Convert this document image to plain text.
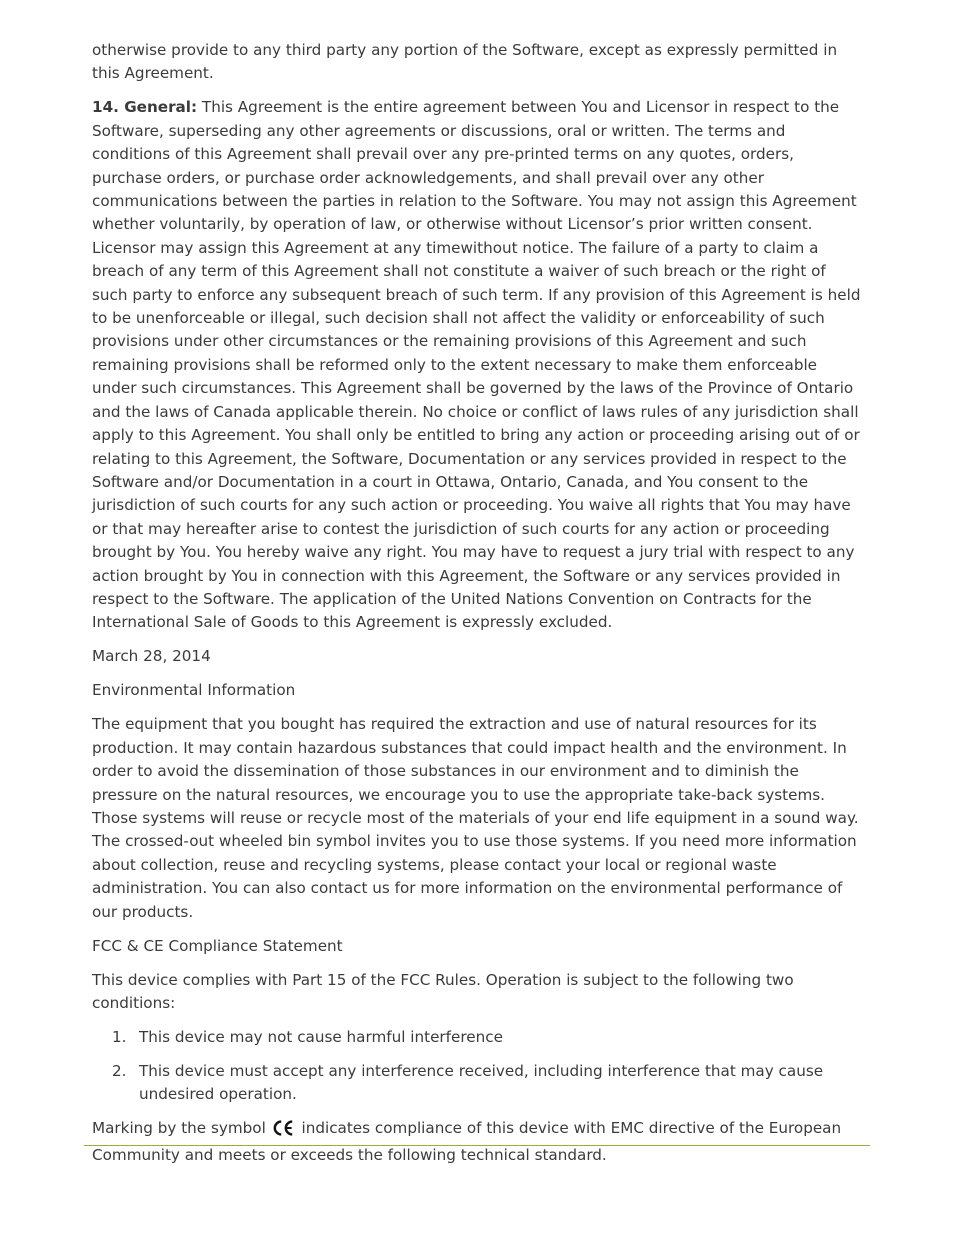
otherwise provide to any third party any portion of the Software, except as expressly permitted in this Agreement.

14. General: This Agreement is the entire agreement between You and Licensor in respect to the Software, superseding any other agreements or discussions, oral or written. The terms and conditions of this Agreement shall prevail over any pre-printed terms on any quotes, orders, purchase orders, or purchase order acknowledgements, and shall prevail over any other communications between the parties in relation to the Software. You may not assign this Agreement whether voluntarily, by operation of law, or otherwise without Licensor’s prior written consent. Licensor may assign this Agreement at any timewithout notice. The failure of a party to claim a breach of any term of this Agreement shall not constitute a waiver of such breach or the right of such party to enforce any subsequent breach of such term. If any provision of this Agreement is held to be unenforceable or illegal, such decision shall not affect the validity or enforceability of such provisions under other circumstances or the remaining provisions of this Agreement and such remaining provisions shall be reformed only to the extent necessary to make them enforceable under such circumstances. This Agreement shall be governed by the laws of the Province of Ontario and the laws of Canada applicable therein. No choice or conflict of laws rules of any jurisdiction shall apply to this Agreement. You shall only be entitled to bring any action or proceeding arising out of or relating to this Agreement, the Software, Documentation or any services provided in respect to the Software and/or Documentation in a court in Ottawa, Ontario, Canada, and You consent to the jurisdiction of such courts for any such action or proceeding. You waive all rights that You may have or that may hereafter arise to contest the jurisdiction of such courts for any action or proceeding brought by You. You hereby waive any right. You may have to request a jury trial with respect to any action brought by You in connection with this Agreement, the Software or any services provided in respect to the Software. The application of the United Nations Convention on Contracts for the International Sale of Goods to this Agreement is expressly excluded.

March 28, 2014

Environmental Information

The equipment that you bought has required the extraction and use of natural resources for its production. It may contain hazardous substances that could impact health and the environment. In order to avoid the dissemination of those substances in our environment and to diminish the pressure on the natural resources, we encourage you to use the appropriate take-back systems. Those systems will reuse or recycle most of the materials of your end life equipment in a sound way. The crossed-out wheeled bin symbol invites you to use those systems. If you need more information about collection, reuse and recycling systems, please contact your local or regional waste administration. You can also contact us for more information on the environmental performance of our products.

FCC & CE Compliance Statement

This device complies with Part 15 of the FCC Rules. Operation is subject to the following two conditions:

1. This device may not cause harmful interference
2. This device must accept any interference received, including interference that may cause undesired operation.

Marking by the symbol  indicates compliance of this device with EMC directive of the European Community and meets or exceeds the following technical standard.
